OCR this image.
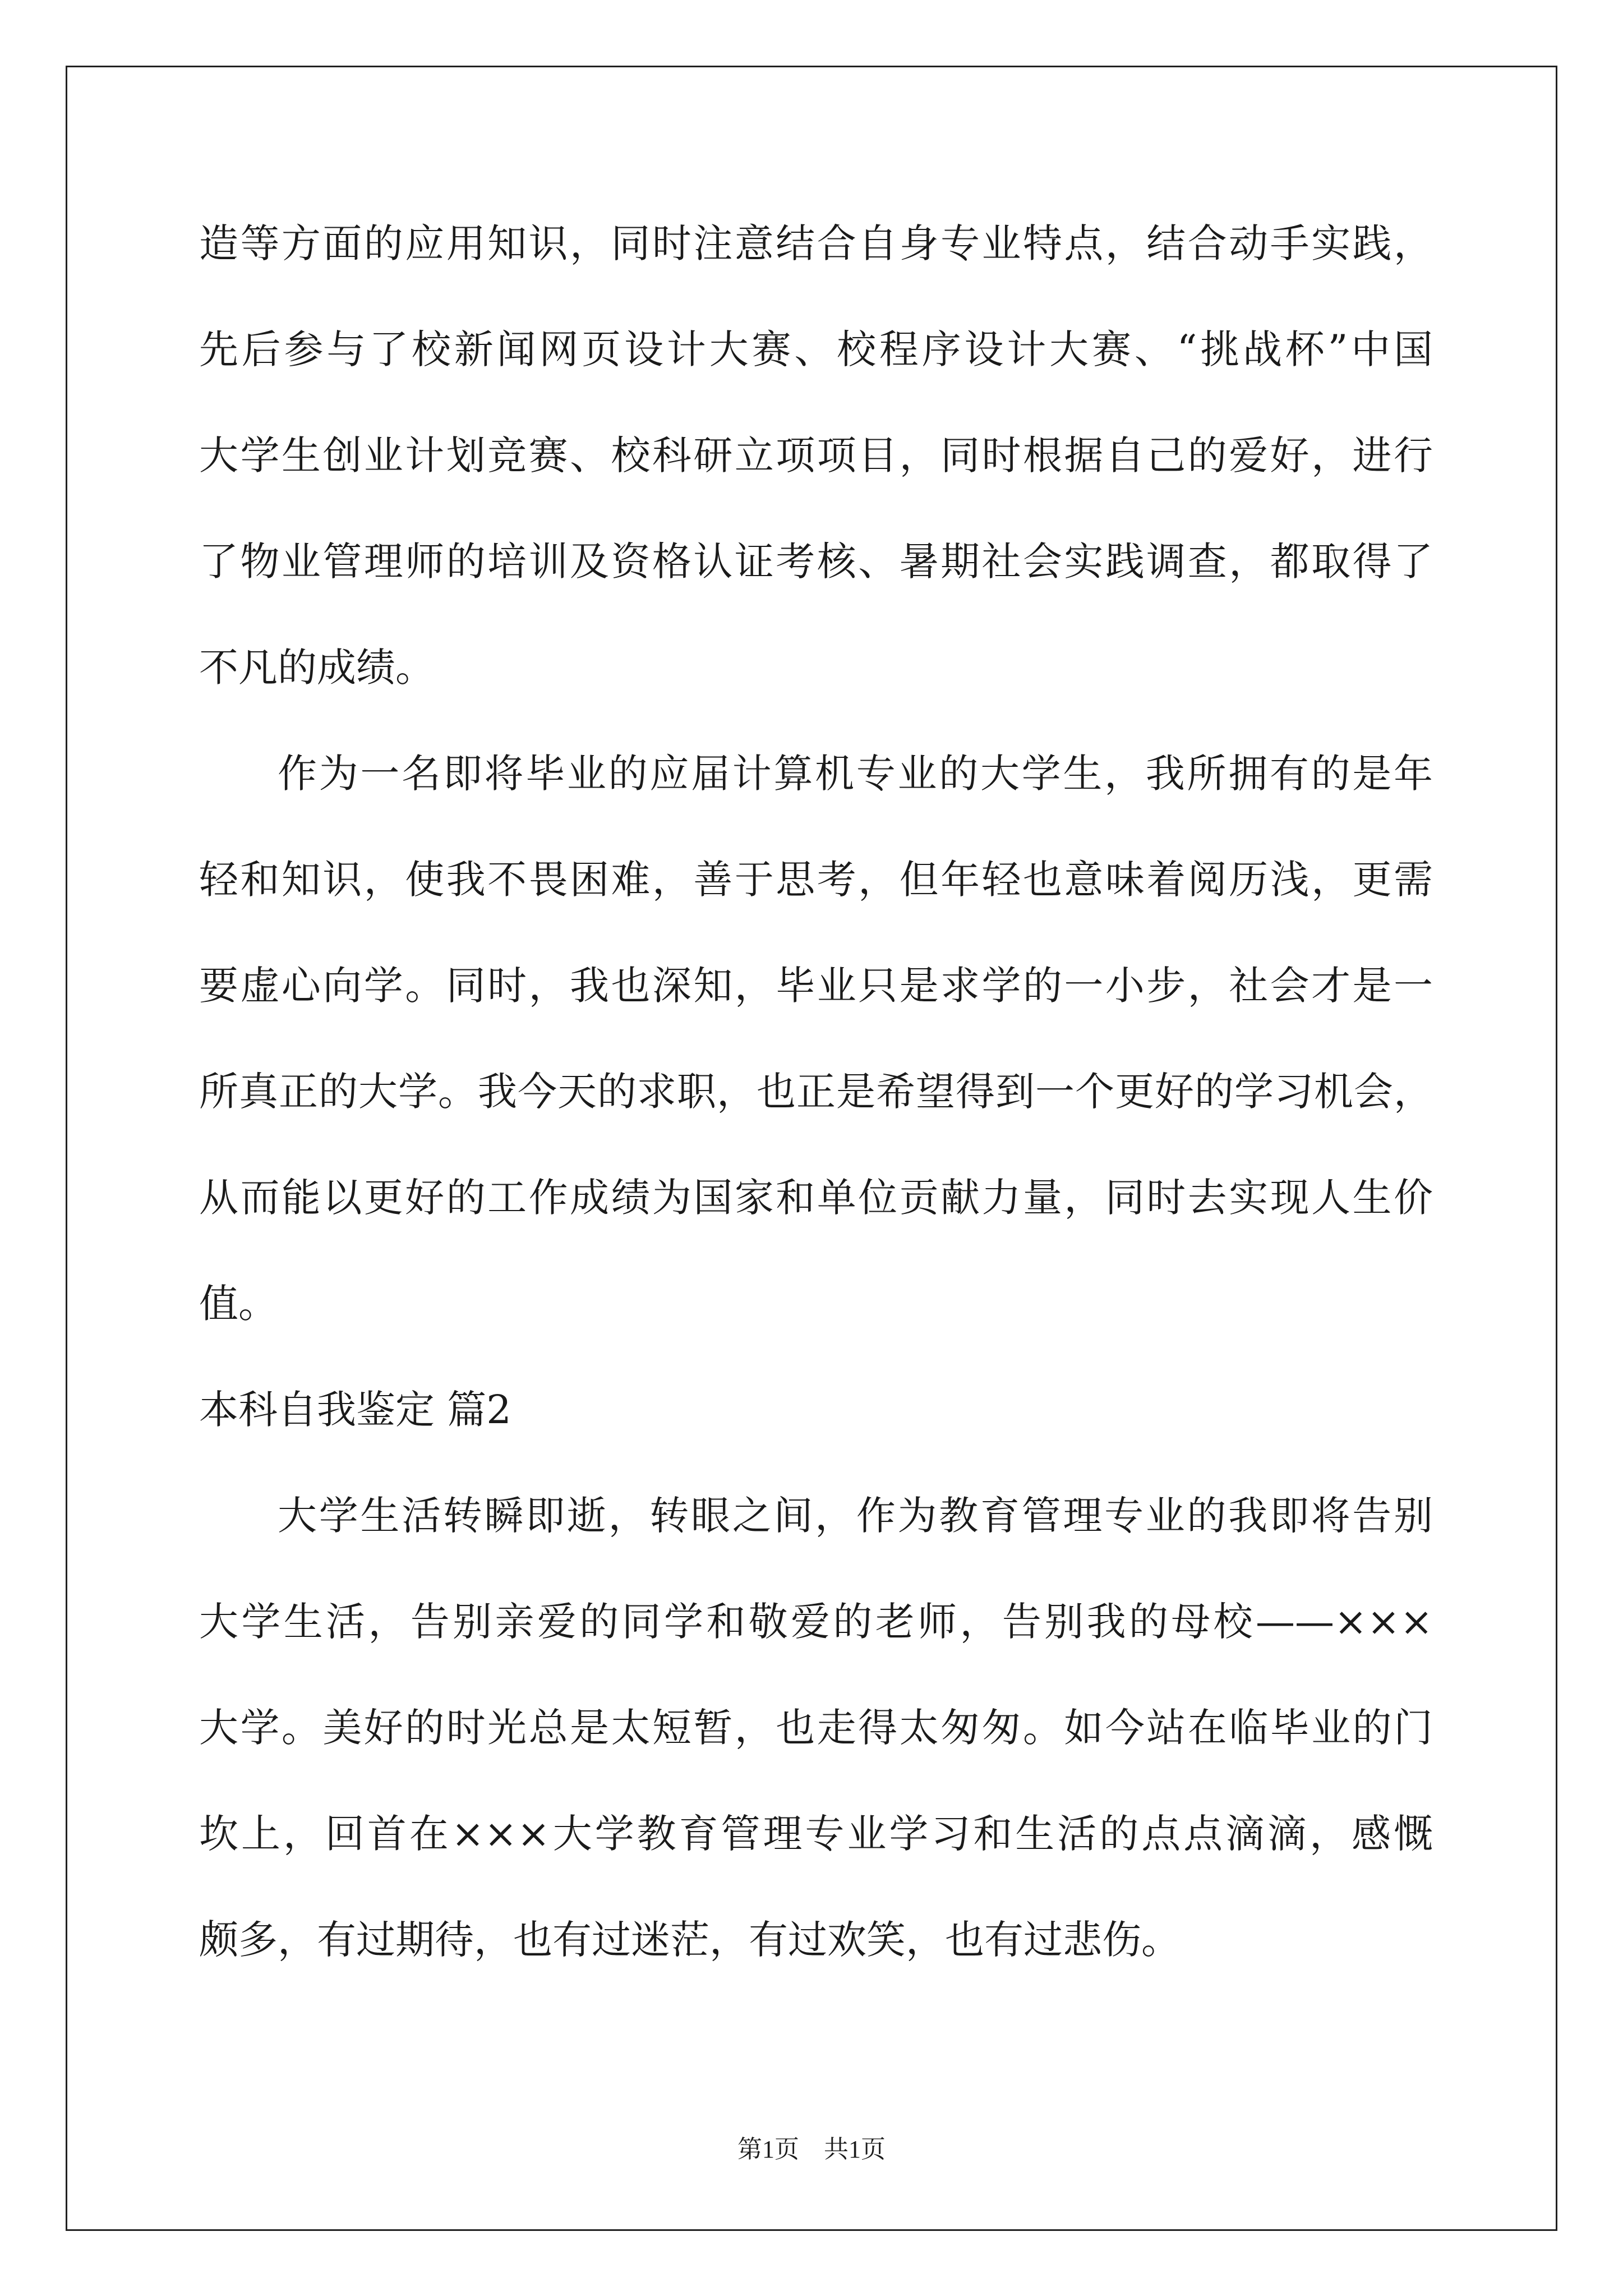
造等方面的应用知识，同时注意结合自身专业特点，结合动手实践，
先后参与了校新闻网页设计大赛、校程序设计大赛、“挑战杯”中国
大学生创业计划竞赛、校科研立项项目，同时根据自己的爱好，进行
了物业管理师的培训及资格认证考核、暑期社会实践调查，都取得了
不凡的成绩。
作为一名即将毕业的应届计算机专业的大学生，我所拥有的是年
轻和知识，使我不畏困难，善于思考，但年轻也意味着阅历浅，更需
要虚心向学。同时，我也深知，毕业只是求学的一小步，社会才是一
所真正的大学。我今天的求职，也正是希望得到一个更好的学习机会，
从而能以更好的工作成绩为国家和单位贡献力量，同时去实现人生价
值。
本科自我鉴定 篇2
大学生活转瞬即逝，转眼之间，作为教育管理专业的我即将告别
大学生活，告别亲爱的同学和敬爱的老师，告别我的母校——×××
大学。美好的时光总是太短暂，也走得太匆匆。如今站在临毕业的门
坎上，回首在×××大学教育管理专业学习和生活的点点滴滴，感慨
颇多，有过期待，也有过迷茫，有过欢笑，也有过悲伤。
第1页　共1页
